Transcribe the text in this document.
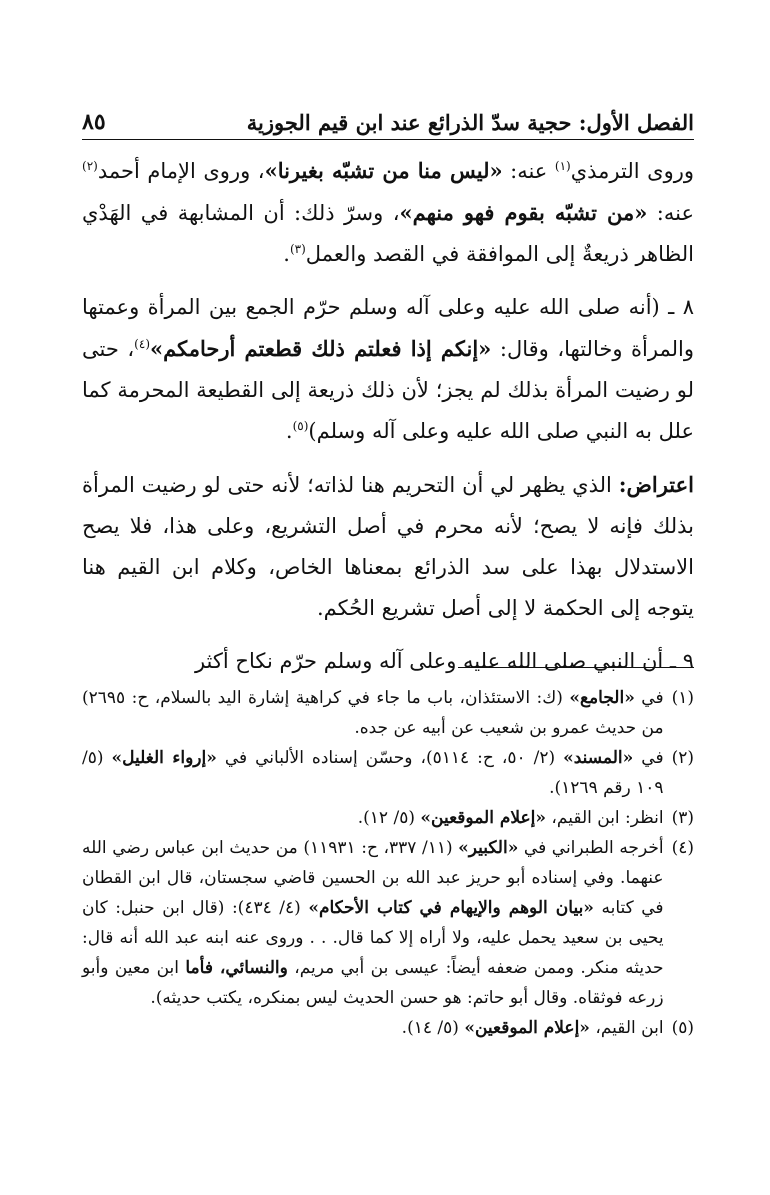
الفصل الأول: حجية سدّ الذرائع عند ابن قيم الجوزية
٨٥

وروى الترمذي$^{(١)}$ عنه: «ليس منا من تشبّه بغيرنا»، وروى الإمام أحمد$^{(٢)}$ عنه: «من تشبّه بقوم فهو منهم»، وسرّ ذلك: أن المشابهة في الهَدْي الظاهر ذريعةٌ إلى الموافقة في القصد والعمل$^{(٣)}$.

٨ ـ (أنه صلى الله عليه وعلى آله وسلم حرّم الجمع بين المرأة وعمتها والمرأة وخالتها، وقال: «إنكم إذا فعلتم ذلك قطعتم أرحامكم»$^{(٤)}$، حتى لو رضيت المرأة بذلك لم يجز؛ لأن ذلك ذريعة إلى القطيعة المحرمة كما علل به النبي صلى الله عليه وعلى آله وسلم)$^{(٥)}$.

اعتراض: الذي يظهر لي أن التحريم هنا لذاته؛ لأنه حتى لو رضيت المرأة بذلك فإنه لا يصح؛ لأنه محرم في أصل التشريع، وعلى هذا، فلا يصح الاستدلال بهذا على سد الذرائع بمعناها الخاص، وكلام ابن القيم هنا يتوجه إلى الحكمة لا إلى أصل تشريع الحُكم.

٩ ـ أن النبي صلى الله عليه وعلى آله وسلم حرّم نكاح أكثر

(١)
في «الجامع» (ك: الاستئذان، باب ما جاء في كراهية إشارة اليد بالسلام، ح: ٢٦٩٥) من حديث عمرو بن شعيب عن أبيه عن جده.
(٢)
في «المسند» (٢/ ٥٠، ح: ٥١١٤)، وحسّن إسناده الألباني في «إرواء الغليل» (٥/ ١٠٩ رقم ١٢٦٩).
(٣)
انظر: ابن القيم، «إعلام الموقعين» (٥/ ١٢).
(٤)
أخرجه الطبراني في «الكبير» (١١/ ٣٣٧، ح: ١١٩٣١) من حديث ابن عباس رضي الله عنهما. وفي إسناده أبو حريز عبد الله بن الحسين قاضي سجستان، قال ابن القطان في كتابه «بيان الوهم والإيهام في كتاب الأحكام» (٤/ ٤٣٤): (قال ابن حنبل: كان يحيى بن سعيد يحمل عليه، ولا أراه إلا كما قال. . . وروى عنه ابنه عبد الله أنه قال: حديثه منكر. وممن ضعفه أيضاً: عيسى بن أبي مريم، والنسائي، فأما ابن معين وأبو زرعه فوثقاه. وقال أبو حاتم: هو حسن الحديث ليس بمنكره، يكتب حديثه).
(٥)
ابن القيم، «إعلام الموقعين» (٥/ ١٤).
